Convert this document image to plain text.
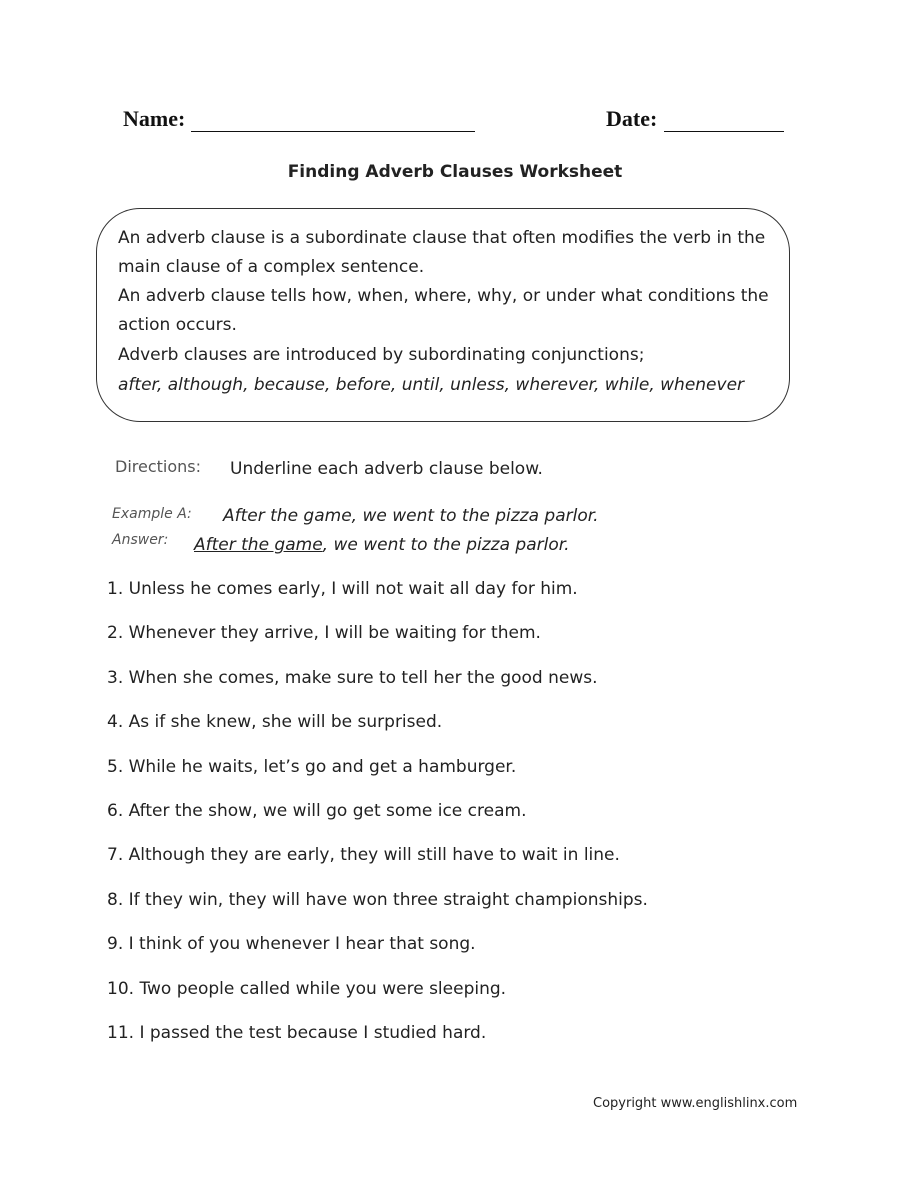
Name:	Date:
Finding Adverb Clauses Worksheet
An adverb clause is a subordinate clause that often modifies the verb in the
main clause of a complex sentence.
An adverb clause tells how, when, where, why, or under what conditions the
action occurs.
Adverb clauses are introduced by subordinating conjunctions;
after, although, because, before, until, unless, wherever, while, whenever
Directions: Underline each adverb clause below.
Example A: After the game, we went to the pizza parlor.
Answer: After the game, we went to the pizza parlor.
1. Unless he comes early, I will not wait all day for him.
2. Whenever they arrive, I will be waiting for them.
3. When she comes, make sure to tell her the good news.
4. As if she knew, she will be surprised.
5. While he waits, let’s go and get a hamburger.
6. After the show, we will go get some ice cream.
7. Although they are early, they will still have to wait in line.
8. If they win, they will have won three straight championships.
9. I think of you whenever I hear that song.
10. Two people called while you were sleeping.
11. I passed the test because I studied hard.
Copyright www.englishlinx.com
